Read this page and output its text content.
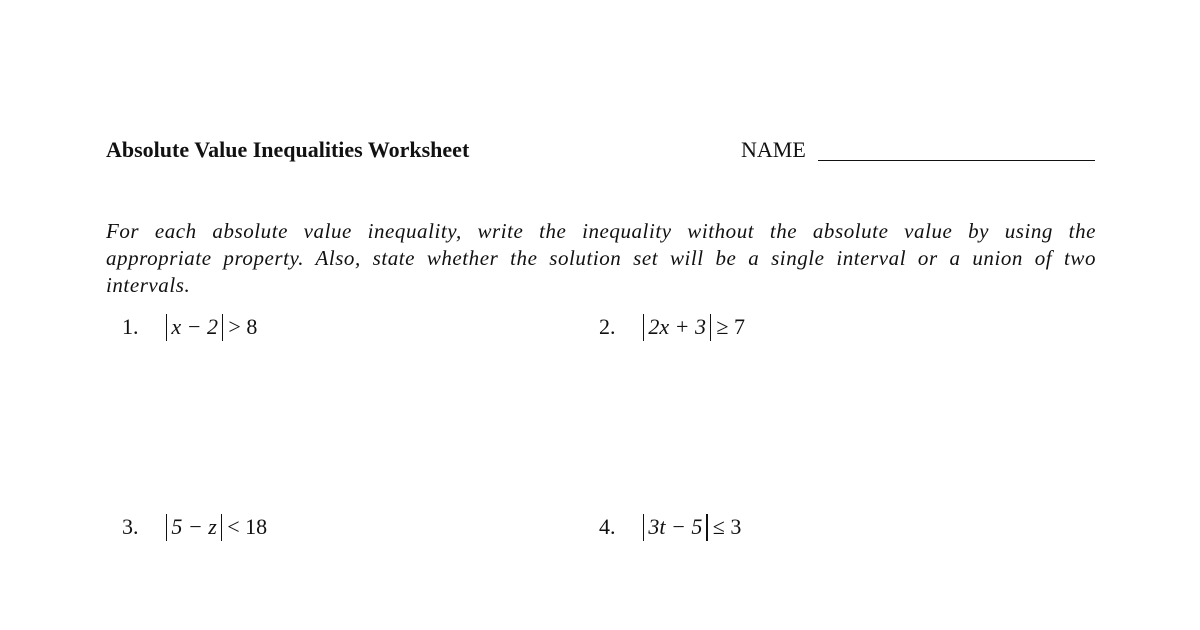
Absolute Value Inequalities Worksheet	NAME
For each absolute value inequality, write the inequality without the absolute value by using the appropriate property. Also, state whether the solution set will be a single interval or a union of two intervals.
1. x − 2 > 8	2. 2x + 3 ≥ 7
3. 5 − z < 18	4. 3t − 5 ≤ 3
